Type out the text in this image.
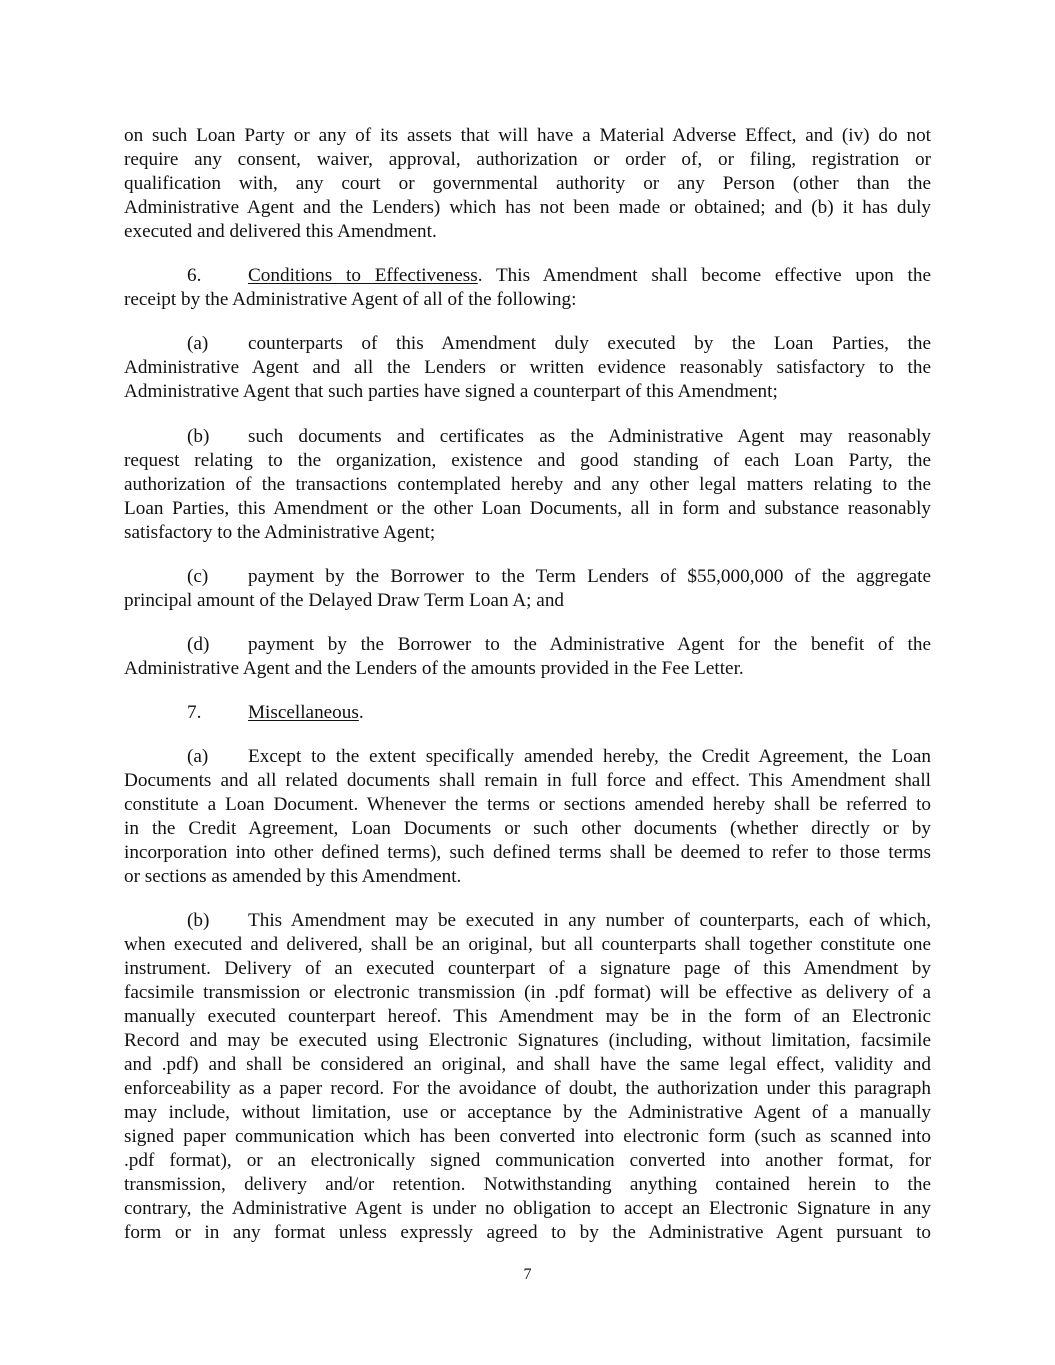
on such Loan Party or any of its assets that will have a Material Adverse Effect, and (iv) do not
require any consent, waiver, approval, authorization or order of, or filing, registration or
qualification with, any court or governmental authority or any Person (other than the
Administrative Agent and the Lenders) which has not been made or obtained; and (b) it has duly
executed and delivered this Amendment.
6. Conditions to Effectiveness. This Amendment shall become effective upon the
receipt by the Administrative Agent of all of the following:
(a) counterparts of this Amendment duly executed by the Loan Parties, the
Administrative Agent and all the Lenders or written evidence reasonably satisfactory to the
Administrative Agent that such parties have signed a counterpart of this Amendment;
(b) such documents and certificates as the Administrative Agent may reasonably
request relating to the organization, existence and good standing of each Loan Party, the
authorization of the transactions contemplated hereby and any other legal matters relating to the
Loan Parties, this Amendment or the other Loan Documents, all in form and substance reasonably
satisfactory to the Administrative Agent;
(c) payment by the Borrower to the Term Lenders of $55,000,000 of the aggregate
principal amount of the Delayed Draw Term Loan A; and
(d) payment by the Borrower to the Administrative Agent for the benefit of the
Administrative Agent and the Lenders of the amounts provided in the Fee Letter.
7. Miscellaneous.
(a) Except to the extent specifically amended hereby, the Credit Agreement, the Loan
Documents and all related documents shall remain in full force and effect. This Amendment shall
constitute a Loan Document. Whenever the terms or sections amended hereby shall be referred to
in the Credit Agreement, Loan Documents or such other documents (whether directly or by
incorporation into other defined terms), such defined terms shall be deemed to refer to those terms
or sections as amended by this Amendment.
(b) This Amendment may be executed in any number of counterparts, each of which,
when executed and delivered, shall be an original, but all counterparts shall together constitute one
instrument. Delivery of an executed counterpart of a signature page of this Amendment by
facsimile transmission or electronic transmission (in .pdf format) will be effective as delivery of a
manually executed counterpart hereof. This Amendment may be in the form of an Electronic
Record and may be executed using Electronic Signatures (including, without limitation, facsimile
and .pdf) and shall be considered an original, and shall have the same legal effect, validity and
enforceability as a paper record. For the avoidance of doubt, the authorization under this paragraph
may include, without limitation, use or acceptance by the Administrative Agent of a manually
signed paper communication which has been converted into electronic form (such as scanned into
.pdf format), or an electronically signed communication converted into another format, for
transmission, delivery and/or retention. Notwithstanding anything contained herein to the
contrary, the Administrative Agent is under no obligation to accept an Electronic Signature in any
form or in any format unless expressly agreed to by the Administrative Agent pursuant to
7
